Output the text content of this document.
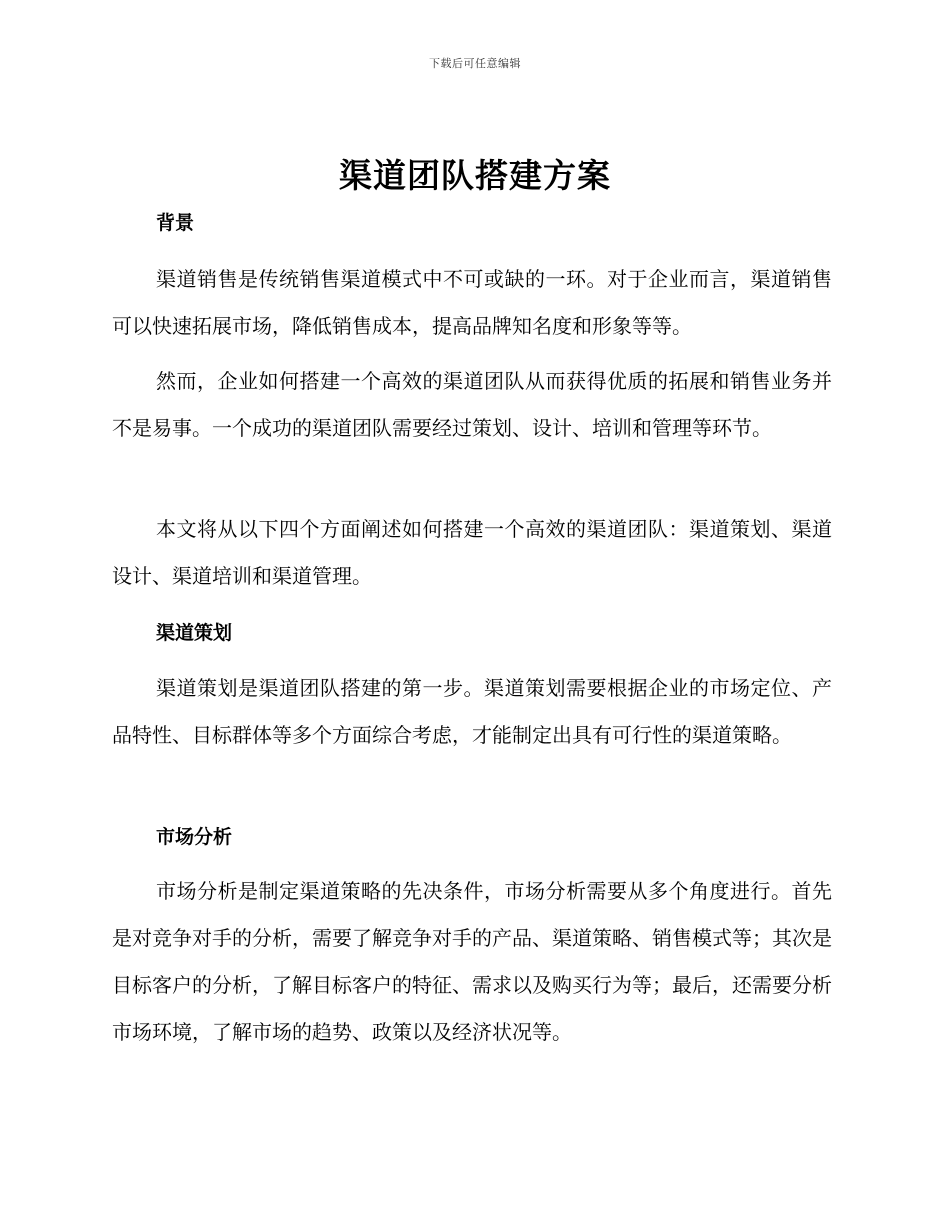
下载后可任意编辑
渠道团队搭建方案
背景

渠道销售是传统销售渠道模式中不可或缺的一环。对于企业而言，渠道销售可以快速拓展市场，降低销售成本，提高品牌知名度和形象等等。

然而，企业如何搭建一个高效的渠道团队从而获得优质的拓展和销售业务并不是易事。一个成功的渠道团队需要经过策划、设计、培训和管理等环节。

本文将从以下四个方面阐述如何搭建一个高效的渠道团队：渠道策划、渠道设计、渠道培训和渠道管理。

渠道策划

渠道策划是渠道团队搭建的第一步。渠道策划需要根据企业的市场定位、产品特性、目标群体等多个方面综合考虑，才能制定出具有可行性的渠道策略。

市场分析

市场分析是制定渠道策略的先决条件，市场分析需要从多个角度进行。首先是对竞争对手的分析，需要了解竞争对手的产品、渠道策略、销售模式等；其次是目标客户的分析，了解目标客户的特征、需求以及购买行为等；最后，还需要分析市场环境，了解市场的趋势、政策以及经济状况等。
